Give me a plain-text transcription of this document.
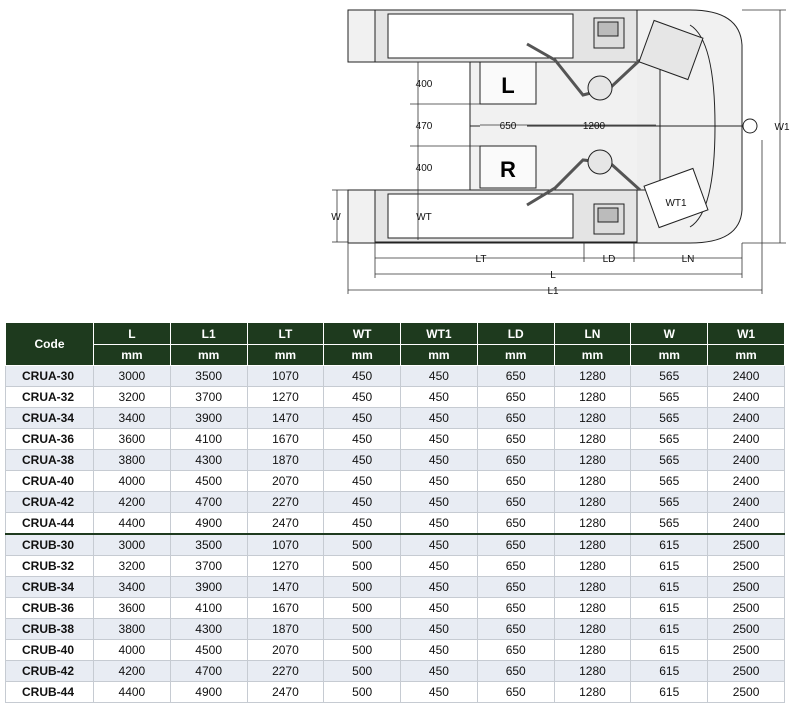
L
R
400
470
400
650	1200
W	WT
WT1
W1
LT	LD	LN
L
L1
Code	L	L1	LT	WT	WT1	LD	LN	W	W1
	mm	mm	mm	mm	mm	mm	mm	mm	mm
CRUA-30	3000	3500	1070	450	450	650	1280	565	2400
CRUA-32	3200	3700	1270	450	450	650	1280	565	2400
CRUA-34	3400	3900	1470	450	450	650	1280	565	2400
CRUA-36	3600	4100	1670	450	450	650	1280	565	2400
CRUA-38	3800	4300	1870	450	450	650	1280	565	2400
CRUA-40	4000	4500	2070	450	450	650	1280	565	2400
CRUA-42	4200	4700	2270	450	450	650	1280	565	2400
CRUA-44	4400	4900	2470	450	450	650	1280	565	2400
CRUB-30	3000	3500	1070	500	450	650	1280	615	2500
CRUB-32	3200	3700	1270	500	450	650	1280	615	2500
CRUB-34	3400	3900	1470	500	450	650	1280	615	2500
CRUB-36	3600	4100	1670	500	450	650	1280	615	2500
CRUB-38	3800	4300	1870	500	450	650	1280	615	2500
CRUB-40	4000	4500	2070	500	450	650	1280	615	2500
CRUB-42	4200	4700	2270	500	450	650	1280	615	2500
CRUB-44	4400	4900	2470	500	450	650	1280	615	2500
